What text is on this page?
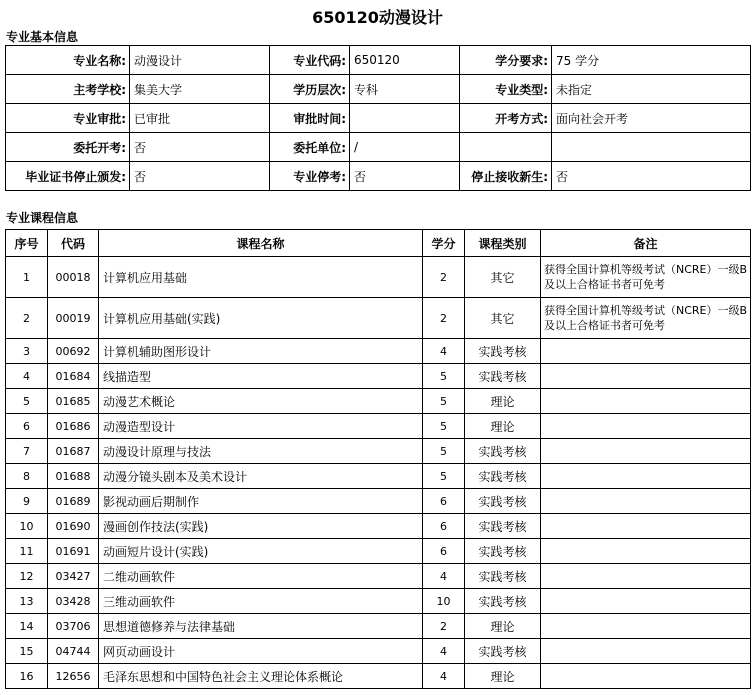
650120动漫设计
专业基本信息
专业名称:	动漫设计	专业代码:	650120	学分要求:	75 学分
主考学校:	集美大学	学历层次:	专科	专业类型:	未指定
专业审批:	已审批	审批时间:		开考方式:	面向社会开考
委托开考:	否	委托单位:	/		
毕业证书停止颁发:	否	专业停考:	否	停止接收新生:	否
专业课程信息
序号	代码	课程名称	学分	课程类别	备注
1	00018	计算机应用基础	2	其它	获得全国计算机等级考试（NCRE）一级B及以上合格证书者可免考
2	00019	计算机应用基础(实践)	2	其它	获得全国计算机等级考试（NCRE）一级B及以上合格证书者可免考
3	00692	计算机辅助图形设计	4	实践考核	
4	01684	线描造型	5	实践考核	
5	01685	动漫艺术概论	5	理论	
6	01686	动漫造型设计	5	理论	
7	01687	动漫设计原理与技法	5	实践考核	
8	01688	动漫分镜头剧本及美术设计	5	实践考核	
9	01689	影视动画后期制作	6	实践考核	
10	01690	漫画创作技法(实践)	6	实践考核	
11	01691	动画短片设计(实践)	6	实践考核	
12	03427	二维动画软件	4	实践考核	
13	03428	三维动画软件	10	实践考核	
14	03706	思想道德修养与法律基础	2	理论	
15	04744	网页动画设计	4	实践考核	
16	12656	毛泽东思想和中国特色社会主义理论体系概论	4	理论	
